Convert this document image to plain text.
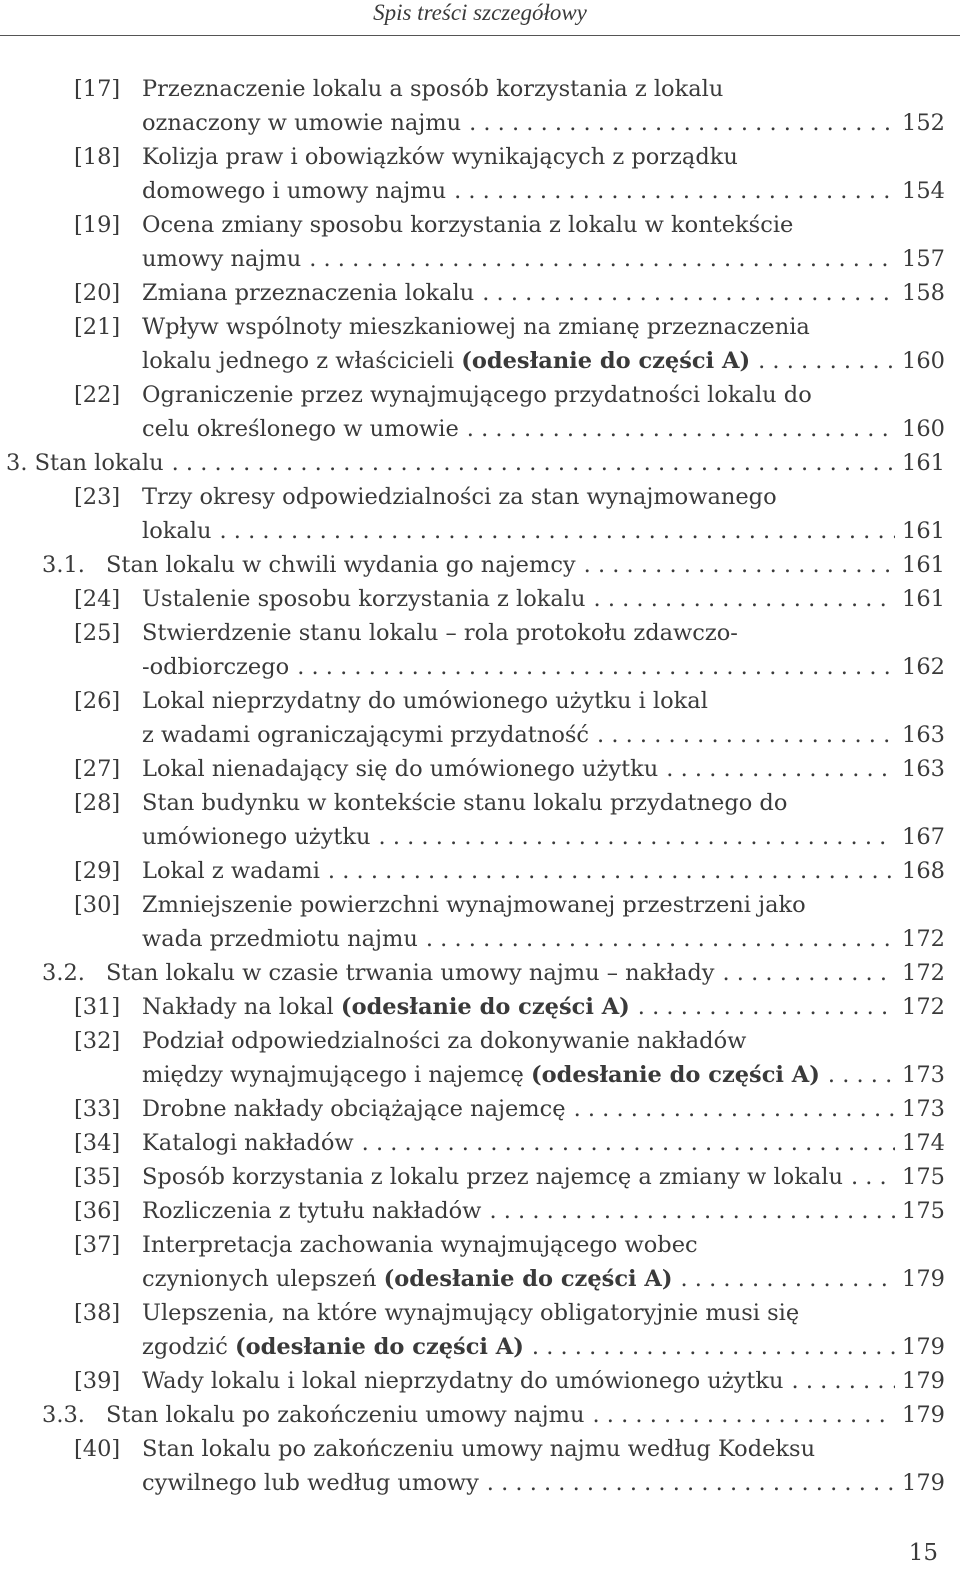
Spis treści szczegółowy
[17] Przeznaczenie lokalu a sposób korzystania z lokalu
oznaczony w umowie najmu . . .	152
[18] Kolizja praw i obowiązków wynikających z porządku
domowego i umowy najmu . . .	154
[19] Ocena zmiany sposobu korzystania z lokalu w kontekście
umowy najmu . . .	157
[20] Zmiana przeznaczenia lokalu . . .	158
[21] Wpływ wspólnoty mieszkaniowej na zmianę przeznaczenia
lokalu jednego z właścicieli (odesłanie do części A) . . .	160
[22] Ograniczenie przez wynajmującego przydatności lokalu do
celu określonego w umowie . . .	160
3. Stan lokalu . . .	161
[23] Trzy okresy odpowiedzialności za stan wynajmowanego
lokalu . . .	161
3.1. Stan lokalu w chwili wydania go najemcy . . .	161
[24] Ustalenie sposobu korzystania z lokalu . . .	161
[25] Stwierdzenie stanu lokalu – rola protokołu zdawczo-
-odbiorczego . . .	162
[26] Lokal nieprzydatny do umówionego użytku i lokal
z wadami ograniczającymi przydatność . . .	163
[27] Lokal nienadający się do umówionego użytku . . .	163
[28] Stan budynku w kontekście stanu lokalu przydatnego do
umówionego użytku . . .	167
[29] Lokal z wadami . . .	168
[30] Zmniejszenie powierzchni wynajmowanej przestrzeni jako
wada przedmiotu najmu . . .	172
3.2. Stan lokalu w czasie trwania umowy najmu – nakłady . . .	172
[31] Nakłady na lokal (odesłanie do części A) . . .	172
[32] Podział odpowiedzialności za dokonywanie nakładów
między wynajmującego i najemcę (odesłanie do części A) . . .	173
[33] Drobne nakłady obciążające najemcę . . .	173
[34] Katalogi nakładów . . .	174
[35] Sposób korzystania z lokalu przez najemcę a zmiany w lokalu . . .	175
[36] Rozliczenia z tytułu nakładów . . .	175
[37] Interpretacja zachowania wynajmującego wobec
czynionych ulepszeń (odesłanie do części A) . . .	179
[38] Ulepszenia, na które wynajmujący obligatoryjnie musi się
zgodzić (odesłanie do części A) . . .	179
[39] Wady lokalu i lokal nieprzydatny do umówionego użytku . . .	179
3.3. Stan lokalu po zakończeniu umowy najmu . . .	179
[40] Stan lokalu po zakończeniu umowy najmu według Kodeksu
cywilnego lub według umowy . . .	179
15
